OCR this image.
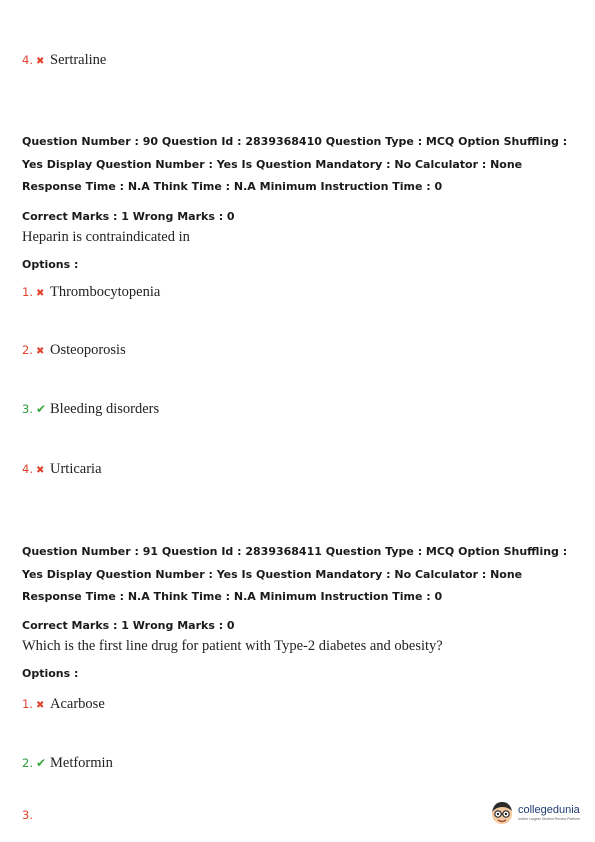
4. ✖ Sertraline
Question Number : 90 Question Id : 2839368410 Question Type : MCQ Option Shuffling : Yes Display Question Number : Yes Is Question Mandatory : No Calculator : None Response Time : N.A Think Time : N.A Minimum Instruction Time : 0
Correct Marks : 1 Wrong Marks : 0
Heparin is contraindicated in
Options :
1. ✖ Thrombocytopenia
2. ✖ Osteoporosis
3. ✔ Bleeding disorders
4. ✖ Urticaria
Question Number : 91 Question Id : 2839368411 Question Type : MCQ Option Shuffling : Yes Display Question Number : Yes Is Question Mandatory : No Calculator : None Response Time : N.A Think Time : N.A Minimum Instruction Time : 0
Correct Marks : 1 Wrong Marks : 0
Which is the first line drug for patient with Type-2 diabetes and obesity?
Options :
1. ✖ Acarbose
2. ✔ Metformin
3.	collegedunia
India's Largest Student Review Platform
